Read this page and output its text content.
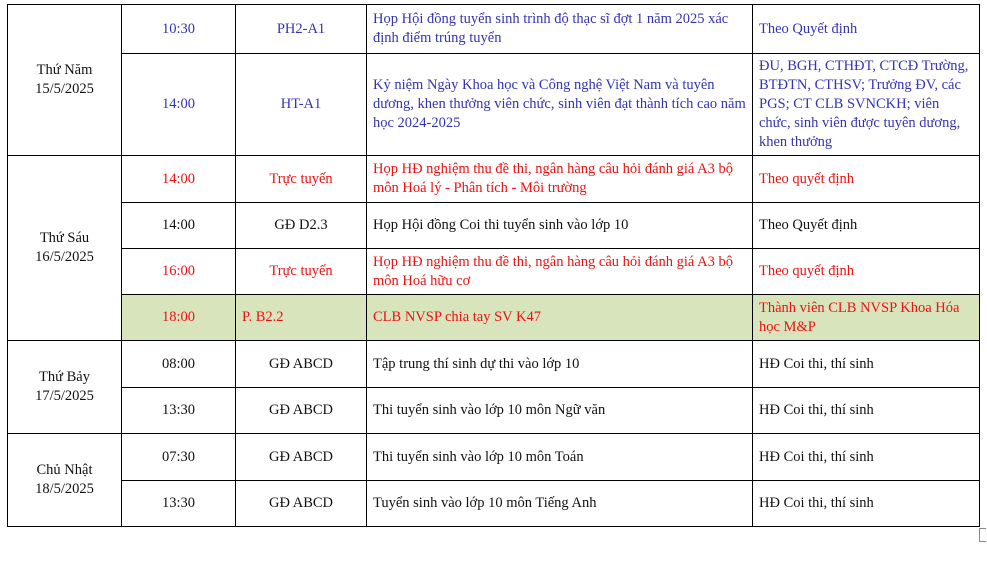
Thứ Năm
15/5/2025	10:30	PH2-A1	Họp Hội đồng tuyển sinh trình độ thạc sĩ đợt 1 năm 2025 xác định điểm trúng tuyển	Theo Quyết định
	14:00	HT-A1	Kỷ niệm Ngày Khoa học và Công nghệ Việt Nam và tuyên dương, khen thưởng viên chức, sinh viên đạt thành tích cao năm học 2024-2025	ĐU, BGH, CTHĐT, CTCĐ Trường, BTĐTN, CTHSV; Trưởng ĐV, các PGS; CT CLB SVNCKH; viên chức, sinh viên được tuyên dương, khen thưởng

Thứ Sáu
16/5/2025	14:00	Trực tuyến	Họp HĐ nghiệm thu đề thi, ngân hàng câu hỏi đánh giá A3 bộ môn Hoá lý - Phân tích - Môi trường	Theo quyết định
	14:00	GĐ D2.3	Họp Hội đồng Coi thi tuyển sinh vào lớp 10	Theo Quyết định
	16:00	Trực tuyến	Họp HĐ nghiệm thu đề thi, ngân hàng câu hỏi đánh giá A3 bộ môn Hoá hữu cơ	Theo quyết định
	18:00	P. B2.2	CLB NVSP chia tay SV K47	Thành viên CLB NVSP Khoa Hóa học M&P

Thứ Bảy
17/5/2025	08:00	GĐ ABCD	Tập trung thí sinh dự thi vào lớp 10	HĐ Coi thi, thí sinh
	13:30	GĐ ABCD	Thi tuyển sinh vào lớp 10 môn Ngữ văn	HĐ Coi thi, thí sinh

Chủ Nhật
18/5/2025	07:30	GĐ ABCD	Thi tuyển sinh vào lớp 10 môn Toán	HĐ Coi thi, thí sinh
	13:30	GĐ ABCD	Tuyển sinh vào lớp 10 môn Tiếng Anh	HĐ Coi thi, thí sinh
